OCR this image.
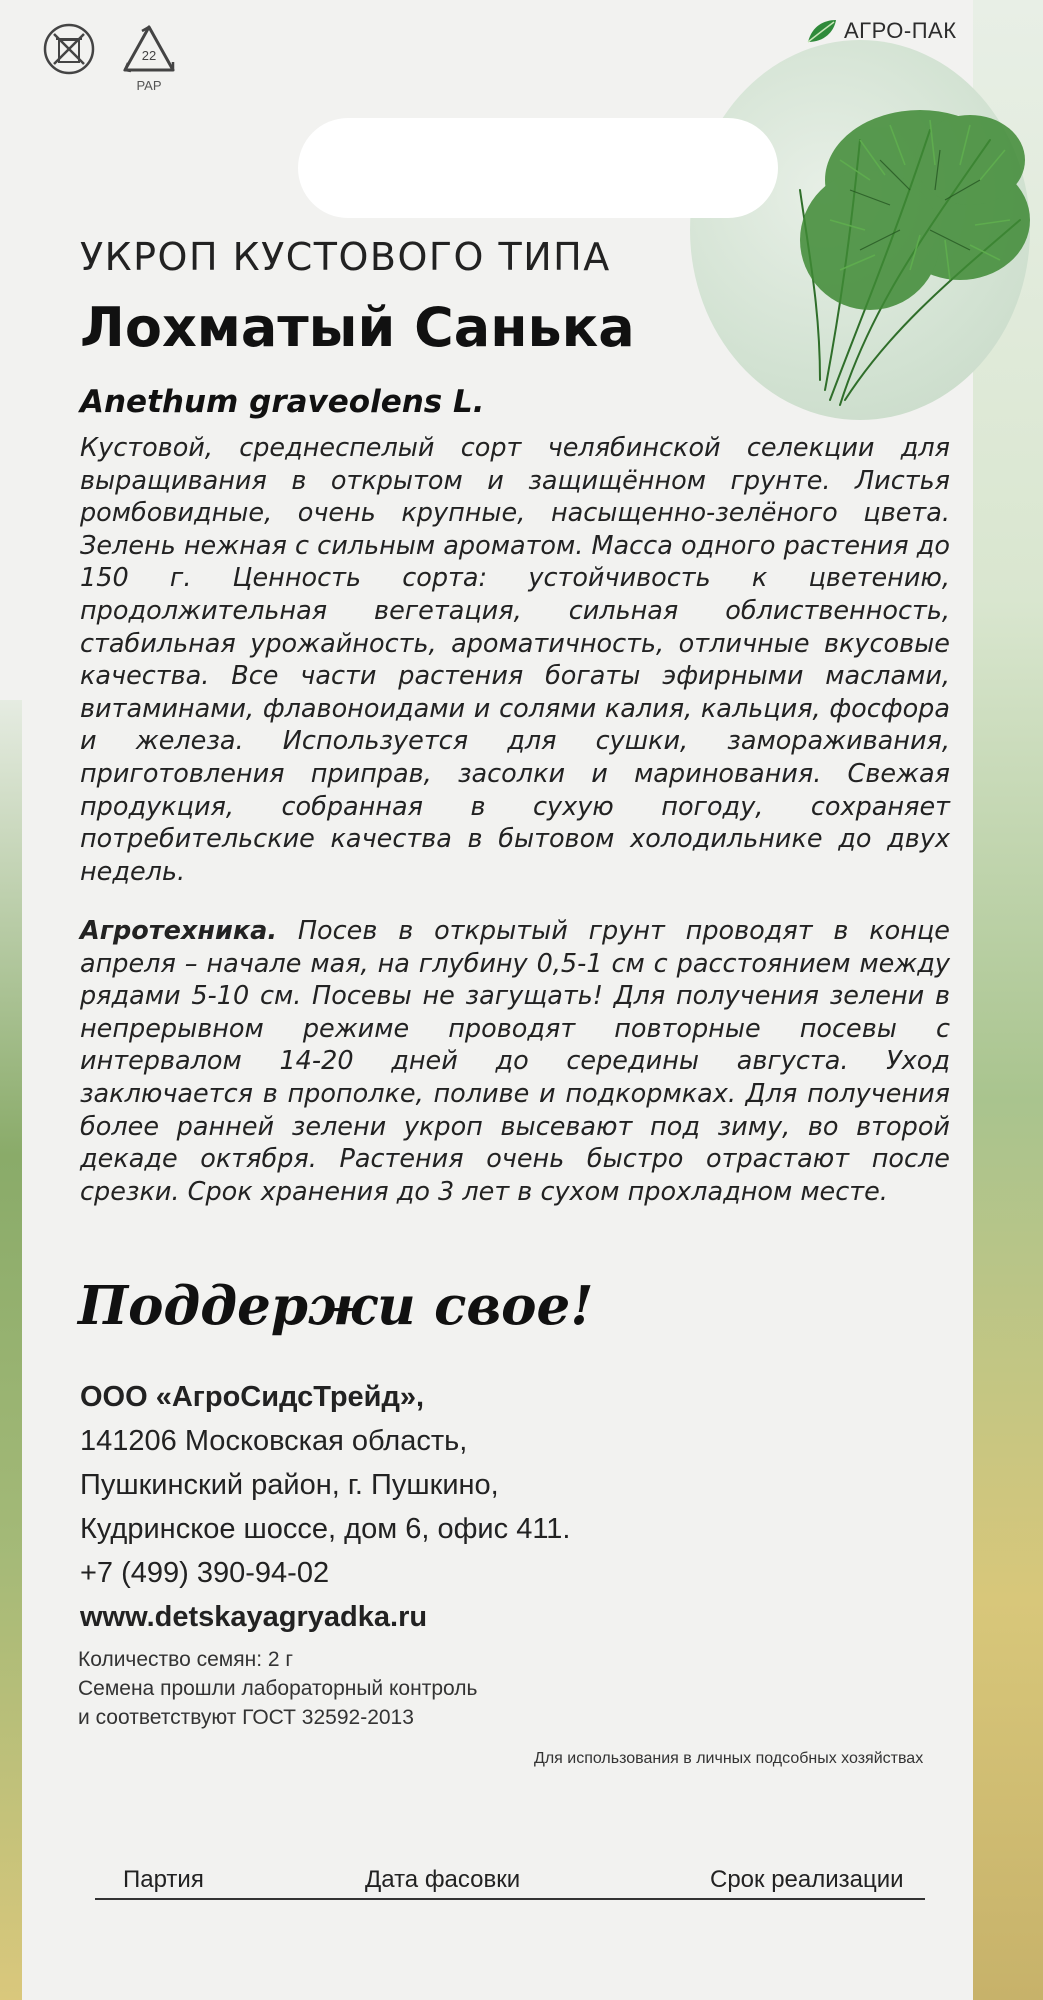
22
PAP
АГРО-ПАК
УКРОП КУСТОВОГО ТИПА
Лохматый Санька
Anethum graveolens L.

Кустовой, среднеспелый сорт челябинской селекции для выращивания в открытом и защищённом грунте. Листья ромбовидные, очень крупные, насыщенно-зелёного цвета. Зелень нежная с сильным ароматом. Масса одного растения до 150 г. Ценность сорта: устойчивость к цветению, продолжительная вегетация, сильная облиственность, стабильная урожайность, ароматичность, отличные вкусовые качества. Все части растения богаты эфирными маслами, витаминами, флавоноидами и солями калия, кальция, фосфора и железа. Используется для сушки, замораживания, приготовления приправ, засолки и маринования. Свежая продукция, собранная в сухую погоду, сохраняет потребительские качества в бытовом холодильнике до двух недель.

Агротехника. Посев в открытый грунт проводят в конце апреля – начале мая, на глубину 0,5-1 см с расстоянием между рядами 5-10 см. Посевы не загущать! Для получения зелени в непрерывном режиме проводят повторные посевы с интервалом 14-20 дней до середины августа. Уход заключается в прополке, поливе и подкормках. Для получения более ранней зелени укроп высевают под зиму, во второй декаде октября. Растения очень быстро отрастают после срезки. Срок хранения до 3 лет в сухом прохладном месте.

Поддержи свое!
ООО «АгроСидсТрейд»,
141206 Московская область,
Пушкинский район, г. Пушкино,
Кудринское шоссе, дом 6, офис 411.
+7 (499) 390-94-02
www.detskayagryadka.ru
Количество семян: 2 г
Семена прошли лабораторный контроль
и соответствуют ГОСТ 32592-2013
Для использования в личных подсобных хозяйствах
Партия	Дата фасовки	Срок реализации
